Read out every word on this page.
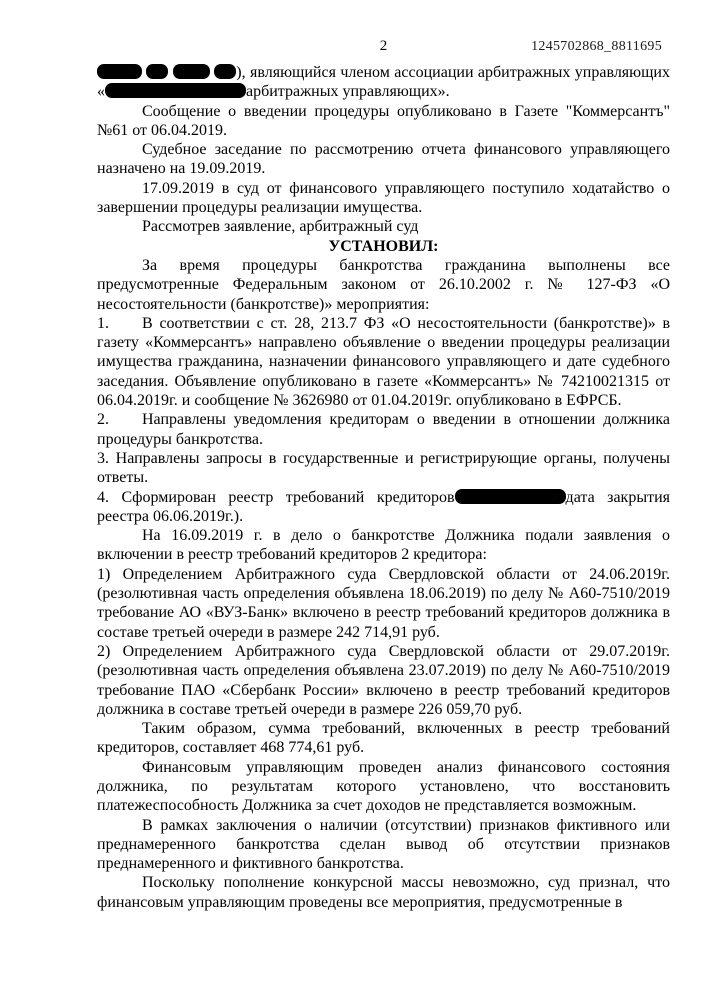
2	1245702868_8811695

), являющийся членом ассоциации арбитражных управляющих «	арбитражных управляющих».

Сообщение о введении процедуры опубликовано в Газете "Коммерсантъ" №61 от 06.04.2019.

Судебное заседание по рассмотрению отчета финансового управляющего назначено на 19.09.2019.

17.09.2019 в суд от финансового управляющего поступило ходатайство о завершении процедуры реализации имущества.

Рассмотрев заявление, арбитражный суд

УСТАНОВИЛ:

За время процедуры банкротства гражданина выполнены все предусмотренные Федеральным законом от 26.10.2002 г. № 127-ФЗ «О несостоятельности (банкротстве)» мероприятия:

1. В соответствии с ст. 28, 213.7 ФЗ «О несостоятельности (банкротстве)» в газету «Коммерсантъ» направлено объявление о введении процедуры реализации имущества гражданина, назначении финансового управляющего и дате судебного заседания. Объявление опубликовано в газете «Коммерсантъ» № 74210021315 от 06.04.2019г. и сообщение № 3626980 от 01.04.2019г. опубликовано в ЕФРСБ.

2. Направлены уведомления кредиторам о введении в отношении должника процедуры банкротства.

3. Направлены запросы в государственные и регистрирующие органы, получены ответы.

4. Сформирован реестр требований кредиторов	дата закрытия реестра 06.06.2019г.).

На 16.09.2019 г. в дело о банкротстве Должника подали заявления о включении в реестр требований кредиторов 2 кредитора:

1) Определением Арбитражного суда Свердловской области от 24.06.2019г. (резолютивная часть определения объявлена 18.06.2019) по делу № А60-7510/2019 требование АО «ВУЗ-Банк» включено в реестр требований кредиторов должника в составе третьей очереди в размере 242 714,91 руб.

2) Определением Арбитражного суда Свердловской области от 29.07.2019г. (резолютивная часть определения объявлена 23.07.2019) по делу № А60-7510/2019 требование ПАО «Сбербанк России» включено в реестр требований кредиторов должника в составе третьей очереди в размере 226 059,70 руб.

Таким образом, сумма требований, включенных в реестр требований кредиторов, составляет 468 774,61 руб.

Финансовым управляющим проведен анализ финансового состояния должника, по результатам которого установлено, что восстановить платежеспособность Должника за счет доходов не представляется возможным.

В рамках заключения о наличии (отсутствии) признаков фиктивного или преднамеренного банкротства сделан вывод об отсутствии признаков преднамеренного и фиктивного банкротства.

Поскольку пополнение конкурсной массы невозможно, суд признал, что финансовым управляющим проведены все мероприятия, предусмотренные в
